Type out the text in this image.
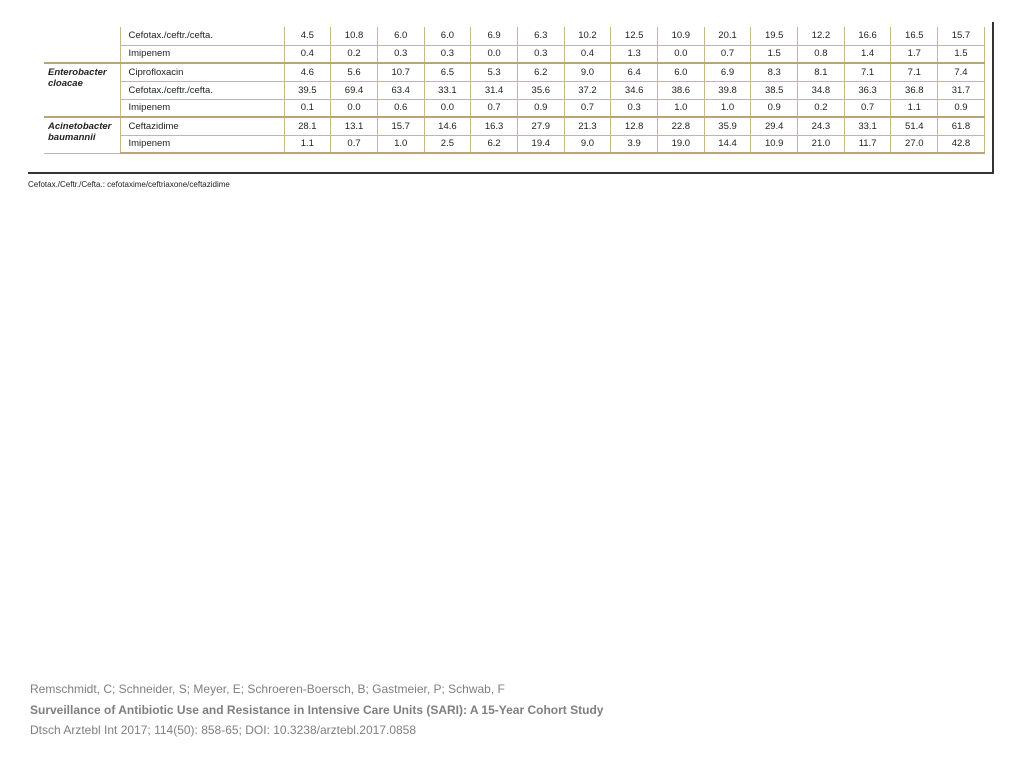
	Cefotax./ceftr./cefta.	4.5	10.8	6.0	6.0	6.9	6.3	10.2	12.5	10.9	20.1	19.5	12.2	16.6	16.5	15.7
	Imipenem	0.4	0.2	0.3	0.3	0.0	0.3	0.4	1.3	0.0	0.7	1.5	0.8	1.4	1.7	1.5
Enterobacter cloacae	Ciprofloxacin	4.6	5.6	10.7	6.5	5.3	6.2	9.0	6.4	6.0	6.9	8.3	8.1	7.1	7.1	7.4
	Cefotax./ceftr./cefta.	39.5	69.4	63.4	33.1	31.4	35.6	37.2	34.6	38.6	39.8	38.5	34.8	36.3	36.8	31.7
	Imipenem	0.1	0.0	0.6	0.0	0.7	0.9	0.7	0.3	1.0	1.0	0.9	0.2	0.7	1.1	0.9
Acinetobacter baumannii	Ceftazidime	28.1	13.1	15.7	14.6	16.3	27.9	21.3	12.8	22.8	35.9	29.4	24.3	33.1	51.4	61.8
	Imipenem	1.1	0.7	1.0	2.5	6.2	19.4	9.0	3.9	19.0	14.4	10.9	21.0	11.7	27.0	42.8
Cefotax./Ceftr./Cefta.: cefotaxime/ceftriaxone/ceftazidime
Remschmidt, C; Schneider, S; Meyer, E; Schroeren-Boersch, B; Gastmeier, P; Schwab, F
Surveillance of Antibiotic Use and Resistance in Intensive Care Units (SARI): A 15-Year Cohort Study
Dtsch Arztebl Int 2017; 114(50): 858-65; DOI: 10.3238/arztebl.2017.0858
